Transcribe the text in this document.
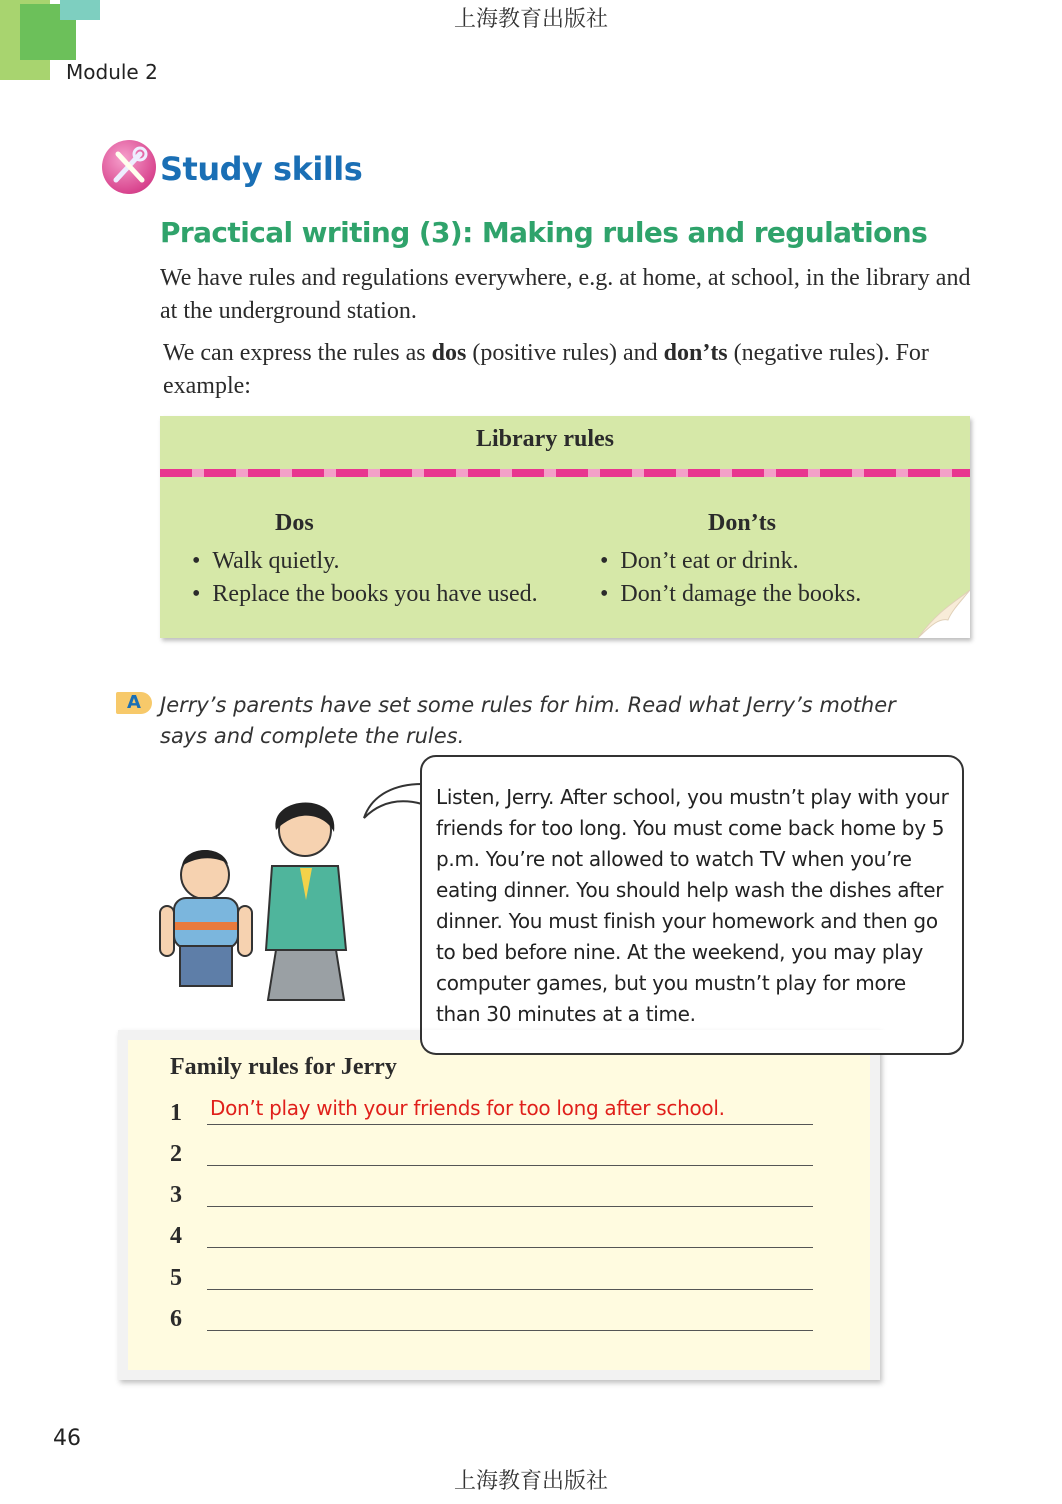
上海教育出版社
Module 2
Study skills
Practical writing (3): Making rules and regulations
We have rules and regulations everywhere, e.g. at home, at school, in the library and at the underground station.
We can express the rules as dos (positive rules) and don’ts (negative rules). For example:
Library rules
Dos	Don’ts
•  Walk quietly.
•  Replace the books you have used.
•  Don’t eat or drink.
•  Don’t damage the books.
A Jerry’s parents have set some rules for him. Read what Jerry’s mother says and complete the rules.
Listen, Jerry. After school, you mustn’t play with your friends for too long. You must come back home by 5 p.m. You’re not allowed to watch TV when you’re eating dinner. You should help wash the dishes after dinner. You must finish your homework and then go to bed before nine. At the weekend, you may play computer games, but you mustn’t play for more than 30 minutes at a time.
Family rules for Jerry
1
2
3
4
5
6
Don’t play with your friends for too long after school.
46
上海教育出版社
